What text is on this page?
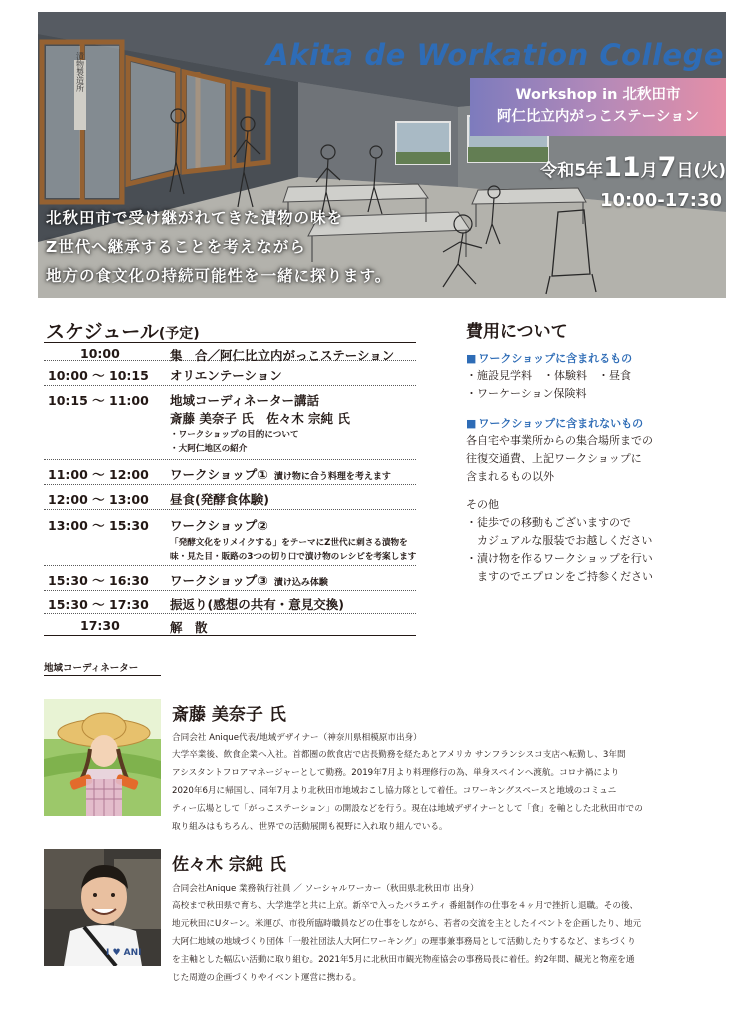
Akita de Workation College
Workshop in 北秋田市
阿仁比立内がっこステーション
令和5年11月7日(火)
10:00-17:30
北秋田市で受け継がれてきた漬物の味を
Z世代へ継承することを考えながら
地方の食文化の持続可能性を一緒に探ります。
スケジュール(予定)
10:00	集　合／阿仁比立内がっこステーション
10:00 ～ 10:15 オリエンテーション
10:15 ～ 11:00 地域コーディネーター講話
斎藤 美奈子 氏　佐々木 宗純 氏
・ワークショップの目的について
・大阿仁地区の紹介
11:00 ～ 12:00 ワークショップ① 漬け物に合う料理を考えます
12:00 ～ 13:00 昼食(発酵食体験)
13:00 ～ 15:30 ワークショップ②
「発酵文化をリメイクする」をテーマにZ世代に刺さる漬物を
味・見た目・販路の3つの切り口で漬け物のレシピを考案します
15:30 ～ 16:30 ワークショップ③ 漬け込み体験
15:30 ～ 17:30 振返り(感想の共有・意見交換)
17:30	解　散
費用について
■ ワークショップに含まれるもの
・施設見学料　・体験料　・昼食
・ワーケーション保険料
■ ワークショップに含まれないもの
各自宅や事業所からの集合場所までの
往復交通費、上記ワークショップに
含まれるもの以外
その他
・徒歩での移動もございますので
　カジュアルな服装でお越しください
・漬け物を作るワークショップを行い
　ますのでエプロンをご持参ください
地域コーディネーター
斎藤 美奈子 氏
合同会社 Anique代表/地域デザイナー（神奈川県相模原市出身）
大学卒業後、飲食企業へ入社。首都圏の飲食店で店長勤務を経たあとアメリカ サンフランシスコ支店へ転勤し、3年間
アシスタントフロアマネージャーとして勤務。2019年7月より料理修行の為、単身スペインへ渡航。コロナ禍により
2020年6月に帰国し、同年7月より北秋田市地域おこし協力隊として着任。コワーキングスペースと地域のコミュニ
ティー広場として「がっこステーション」の開設などを行う。現在は地域デザイナーとして「食」を軸とした北秋田市での
取り組みはもちろん、世界での活動展開も視野に入れ取り組んでいる。
I ♥ ANI
佐々木 宗純 氏
合同会社Anique 業務執行社員 ／ ソーシャルワーカー（秋田県北秋田市 出身）
高校まで秋田県で育ち、大学進学と共に上京。新卒で入ったバラエティ 番組制作の仕事を４ヶ月で挫折し退職。その後、
地元秋田にUターン。米運び、市役所臨時職員などの仕事をしながら、若者の交流を主としたイベントを企画したり、地元
大阿仁地域の地域づくり団体「一般社団法人大阿仁ワーキング」の理事兼事務局として活動したりするなど、まちづくり
を主軸とした幅広い活動に取り組む。2021年5月に北秋田市観光物産協会の事務局長に着任。約2年間、観光と物産を通
じた周遊の企画づくりやイベント運営に携わる。
